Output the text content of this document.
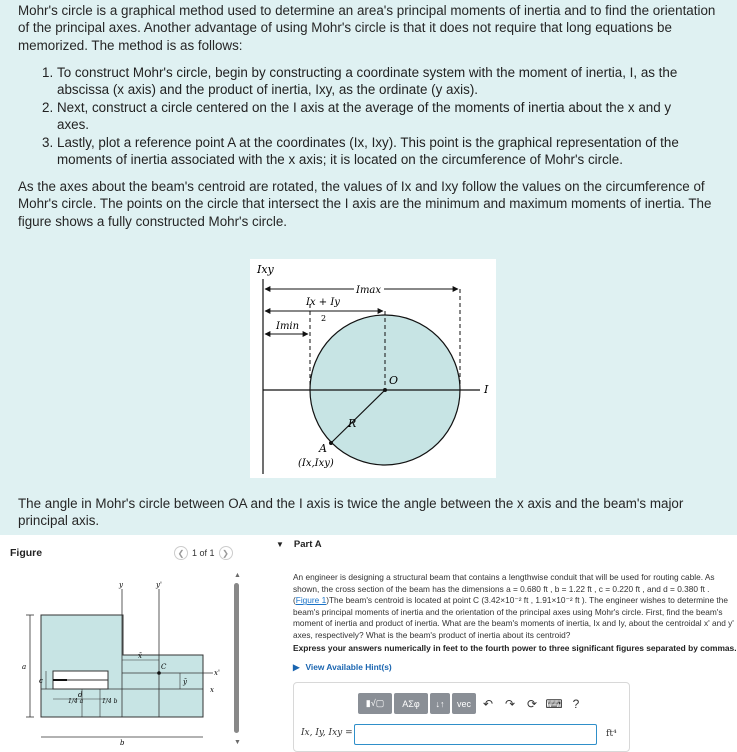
Mohr's circle is a graphical method used to determine an area's principal moments of inertia and to find the orientation of the principal axes. Another advantage of using Mohr's circle is that it does not require that long equations be memorized. The method is as follows:

1. To construct Mohr's circle, begin by constructing a coordinate system with the moment of inertia, I, as the abscissa (x axis) and the product of inertia, Ixy, as the ordinate (y axis).
2. Next, construct a circle centered on the I axis at the average of the moments of inertia about the x and y axes.
3. Lastly, plot a reference point A at the coordinates (Ix, Ixy). This point is the graphical representation of the moments of inertia associated with the x axis; it is located on the circumference of Mohr's circle.

As the axes about the beam's centroid are rotated, the values of Ix and Ixy follow the values on the circumference of Mohr's circle. The points on the circle that intersect the I axis are the minimum and maximum moments of inertia. The figure shows a fully constructed Mohr's circle.

Ixy
I
Imax
Ix + Iy
2
Imin
O
R
A
(Ix,Ixy)

The angle in Mohr's circle between OA and the I axis is twice the angle between the x axis and the beam's major principal axis.

Figure	❮ 1 of 1 ❯
y	y'
x'
x
x̄
ȳ
C
a
1/4 a	1/4 b
c
d
b
▲
▼
▼ Part A
An engineer is designing a structural beam that contains a lengthwise conduit that will be used for routing cable. As shown, the cross section of the beam has the dimensions a = 0.680 ft , b = 1.22 ft , c = 0.220 ft , and d = 0.380 ft . (Figure 1)The beam's centroid is located at point C (3.42×10⁻² ft , 1.91×10⁻² ft ). The engineer wishes to determine the beam's principal moments of inertia and the orientation of the principal axes using Mohr's circle. First, find the beam's moment of inertia and product of inertia. What are the beam's moments of inertia, Ix and Iy, about the centroidal x' and y' axes, respectively? What is the beam's product of inertia about its centroid?
Express your answers numerically in feet to the fourth power to three significant figures separated by commas.
▶ View Available Hint(s)
▮√▢	ΑΣφ	↓↑	vec ↶ ↷ ⟳ ⌨ ?
Ix, Iy, Ixy =	ft⁴
